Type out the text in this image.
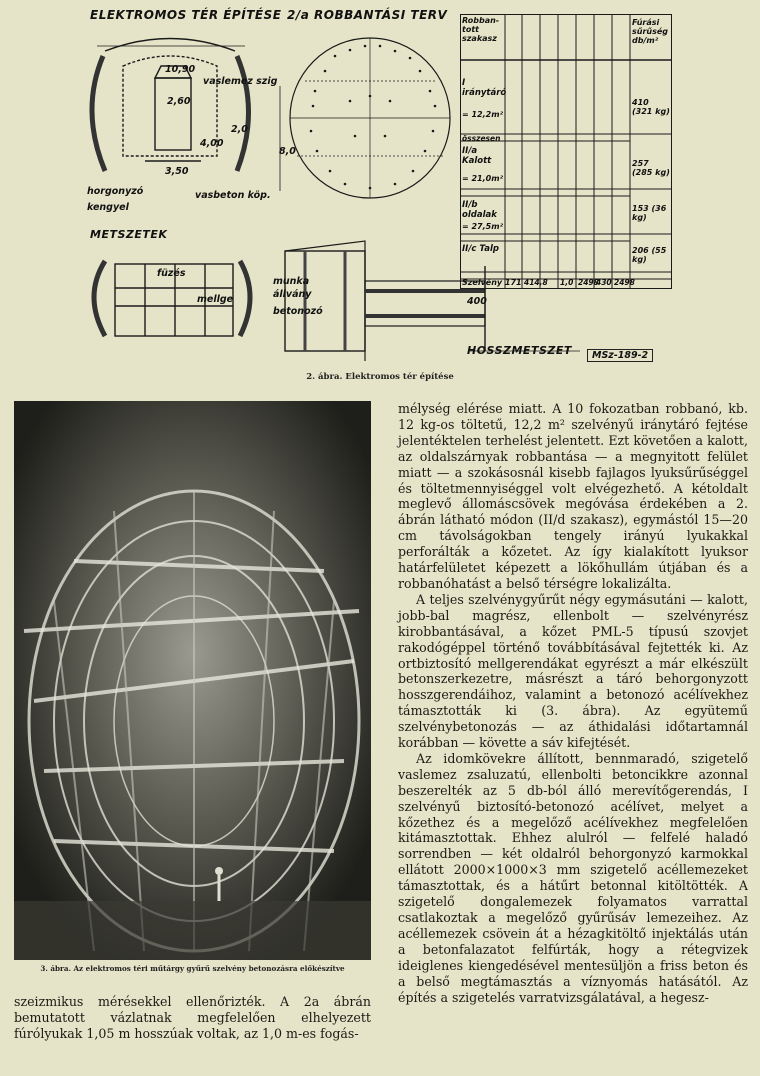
ELEKTROMOS TÉR ÉPÍTÉSE 2/a ROBBANTÁSI TERV
10,90
vaslemez szig
2,60
4,00
2,0
3,50
horgonyzó
kengyel
vasbeton köp.
8,0
METSZETEK
füzés
mellge
munka
állvány
betonozó
400
HOSSZMETSZET	MSz-189-2
Robban-tott szakasz
Fúrási sűrűség db/m²
I iránytáró
= 12,2m²
410 (321 kg)
összesen
II/a Kalott
= 21,0m²
257 (285 kg)
II/b oldalak
= 27,5m²
153 (36 kg)
II/c Talp	206 (55 kg)
Szelvény 171 414,8 1,0 2498
430 2498
2. ábra. Elektromos tér építése
3. ábra. Az elektromos téri műtárgy gyűrű szelvény betonozásra előkészítve

mélység elérése miatt. A 10 fokozatban robbanó, kb. 12 kg-os töltetű, 12,2 m² szelvényű iránytáró fejtése jelentéktelen terhelést jelentett. Ezt követően a kalott, az oldalszárnyak robbantása — a megnyitott felület miatt — a szokásosnál kisebb fajlagos lyuksűrűséggel és töltetmennyiséggel volt elvégezhető. A kétoldalt meglevő állomáscsövek megóvása érdekében a 2. ábrán látható módon (II/d szakasz), egymástól 15—20 cm távolságokban tengely irányú lyukakkal perforálták a kőzetet. Az így kialakított lyuksor határfelületet képezett a lökőhullám útjában és a robbanóhatást a belső térségre lokalizálta.

A teljes szelvénygyűrűt négy egymásutáni — kalott, jobb-bal magrész, ellenbolt — szelvényrész kirobbantásával, a kőzet PML-5 típusú szovjet rakodógéppel történő továbbításával fejtették ki. Az ortbiztosító mellgerendákat egyrészt a már elkészült betonszerkezetre, másrészt a táró behorgonyzott hosszgerendáihoz, valamint a betonozó acélívekhez támasztották ki (3. ábra). Az együtemű szelvénybetonozás — az áthidalási időtartamnál korábban — követte a sáv kifejtését.

Az idomkövekre állított, bennmaradó, szigetelő vaslemez zsaluzatú, ellenbolti betoncikkre azonnal beszerelték az 5 db-ból álló merevítőgerendás, I szelvényű biztosító-betonozó acélívet, melyet a kőzethez és a megelőző acélívekhez megfelelően kitámasztottak. Ehhez alulról — felfelé haladó sorrendben — két oldalról behorgonyzó karmokkal ellátott 2000×1000×3 mm szigetelő acéllemezeket támasztottak, és a hátűrt betonnal kitöltötték. A szigetelő dongalemezek folyamatos varrattal csatlakoztak a megelőző gyűrűsáv lemezeihez. Az acéllemezek csövein át a hézagkitöltő injektálás után a betonfalazatot felfúrták, hogy a rétegvizek ideiglenes kiengedésével mentesüljön a friss beton és a belső megtámasztás a víznyomás hatásától. Az építés a szigetelés varratvizsgálatával, a hegesz-

szeizmikus mérésekkel ellenőrizték. A 2a ábrán bemutatott vázlatnak megfelelően elhelyezett fúrólyukak 1,05 m hosszúak voltak, az 1,0 m-es fogás-
